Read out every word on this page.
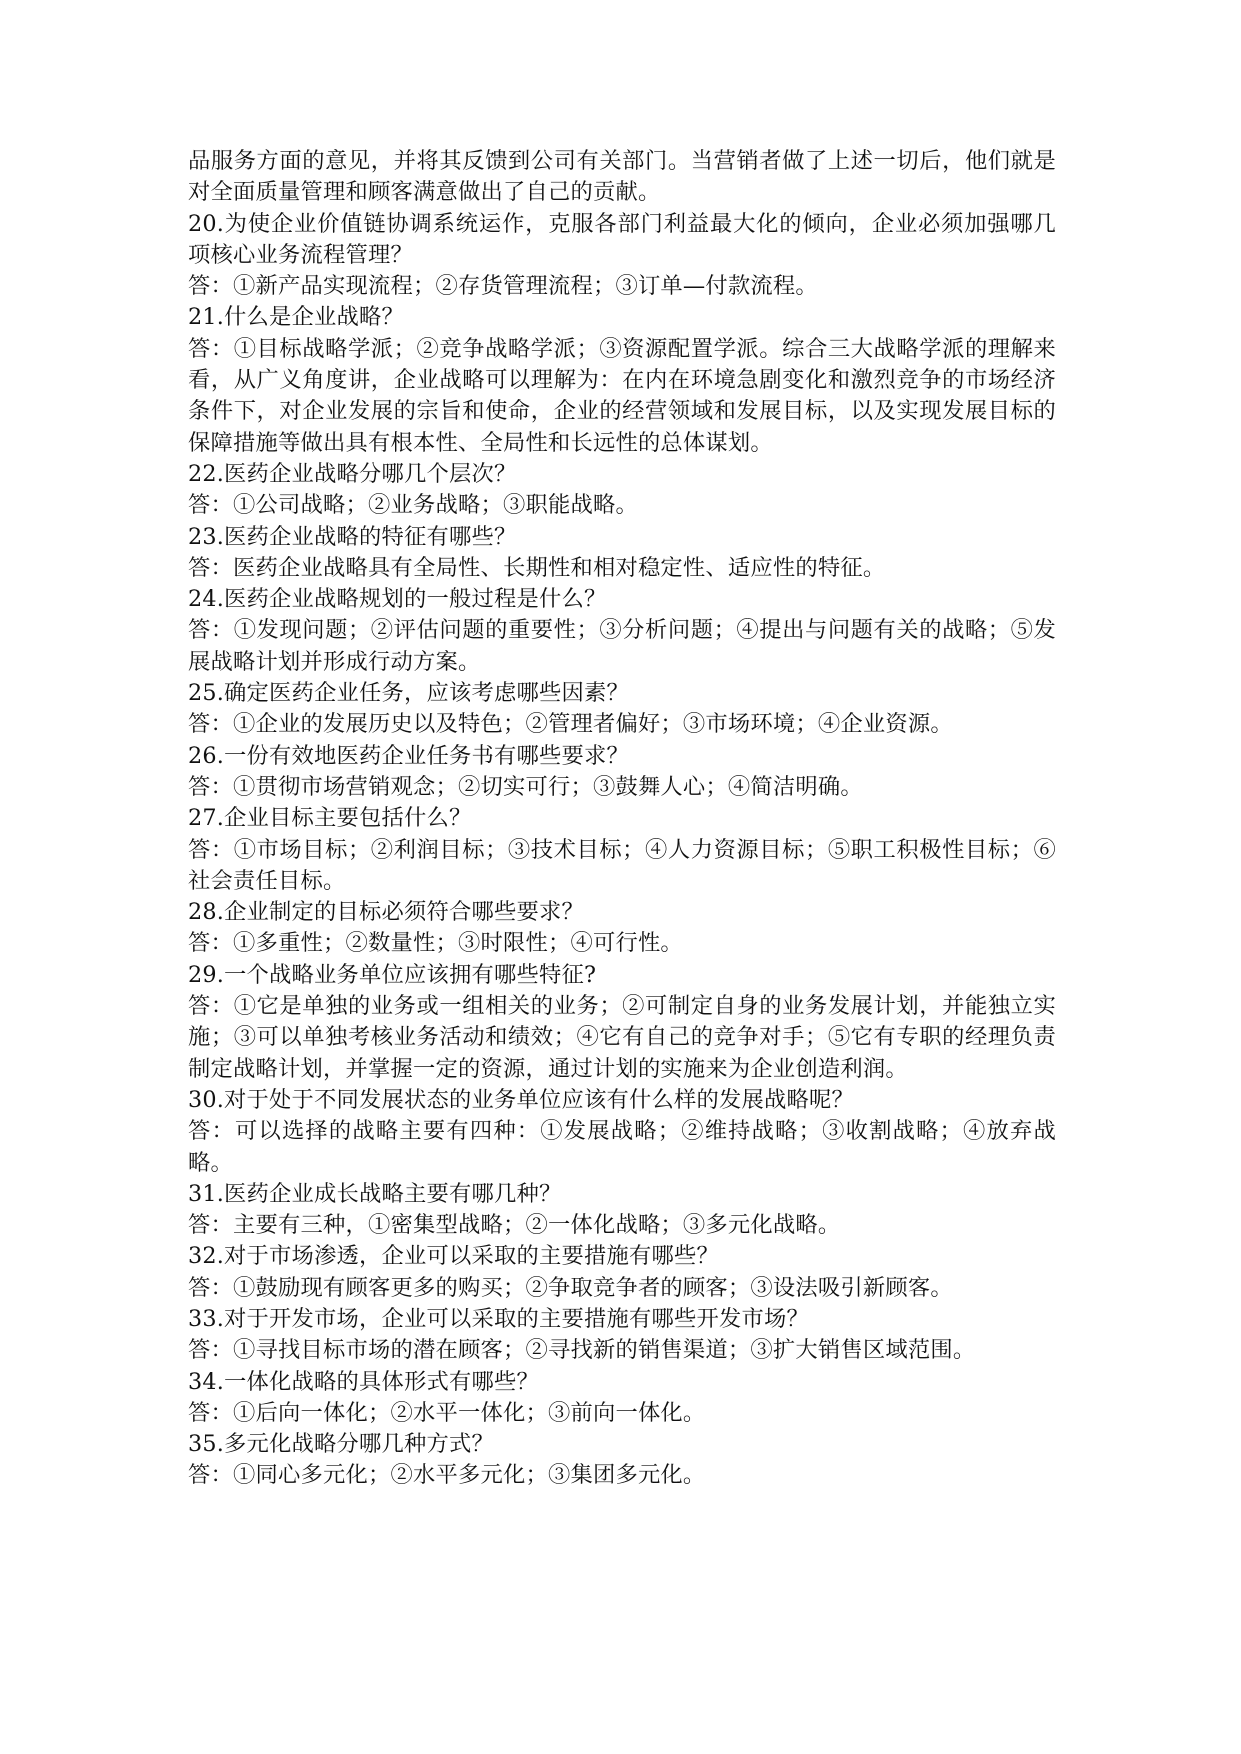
品服务方面的意见，并将其反馈到公司有关部门。当营销者做了上述一切后，他们就是对全面质量管理和顾客满意做出了自己的贡献。

20.为使企业价值链协调系统运作，克服各部门利益最大化的倾向，企业必须加强哪几项核心业务流程管理？

答：①新产品实现流程；②存货管理流程；③订单—付款流程。

21.什么是企业战略？

答：①目标战略学派；②竞争战略学派；③资源配置学派。综合三大战略学派的理解来看，从广义角度讲，企业战略可以理解为：在内在环境急剧变化和激烈竞争的市场经济条件下，对企业发展的宗旨和使命，企业的经营领域和发展目标，以及实现发展目标的保障措施等做出具有根本性、全局性和长远性的总体谋划。

22.医药企业战略分哪几个层次？

答：①公司战略；②业务战略；③职能战略。

23.医药企业战略的特征有哪些？

答：医药企业战略具有全局性、长期性和相对稳定性、适应性的特征。

24.医药企业战略规划的一般过程是什么？

答：①发现问题；②评估问题的重要性；③分析问题；④提出与问题有关的战略；⑤发展战略计划并形成行动方案。

25.确定医药企业任务，应该考虑哪些因素？

答：①企业的发展历史以及特色；②管理者偏好；③市场环境；④企业资源。

26.一份有效地医药企业任务书有哪些要求？

答：①贯彻市场营销观念；②切实可行；③鼓舞人心；④简洁明确。

27.企业目标主要包括什么？

答：①市场目标；②利润目标；③技术目标；④人力资源目标；⑤职工积极性目标；⑥社会责任目标。

28.企业制定的目标必须符合哪些要求？

答：①多重性；②数量性；③时限性；④可行性。

29.一个战略业务单位应该拥有哪些特征?

答：①它是单独的业务或一组相关的业务；②可制定自身的业务发展计划，并能独立实施；③可以单独考核业务活动和绩效；④它有自己的竞争对手；⑤它有专职的经理负责制定战略计划，并掌握一定的资源，通过计划的实施来为企业创造利润。

30.对于处于不同发展状态的业务单位应该有什么样的发展战略呢？

答：可以选择的战略主要有四种：①发展战略；②维持战略；③收割战略；④放弃战略。

31.医药企业成长战略主要有哪几种？

答：主要有三种，①密集型战略；②一体化战略；③多元化战略。

32.对于市场渗透，企业可以采取的主要措施有哪些？

答：①鼓励现有顾客更多的购买；②争取竞争者的顾客；③设法吸引新顾客。

33.对于开发市场，企业可以采取的主要措施有哪些开发市场？

答：①寻找目标市场的潜在顾客；②寻找新的销售渠道；③扩大销售区域范围。

34.一体化战略的具体形式有哪些？

答：①后向一体化；②水平一体化；③前向一体化。

35.多元化战略分哪几种方式？

答：①同心多元化；②水平多元化；③集团多元化。
